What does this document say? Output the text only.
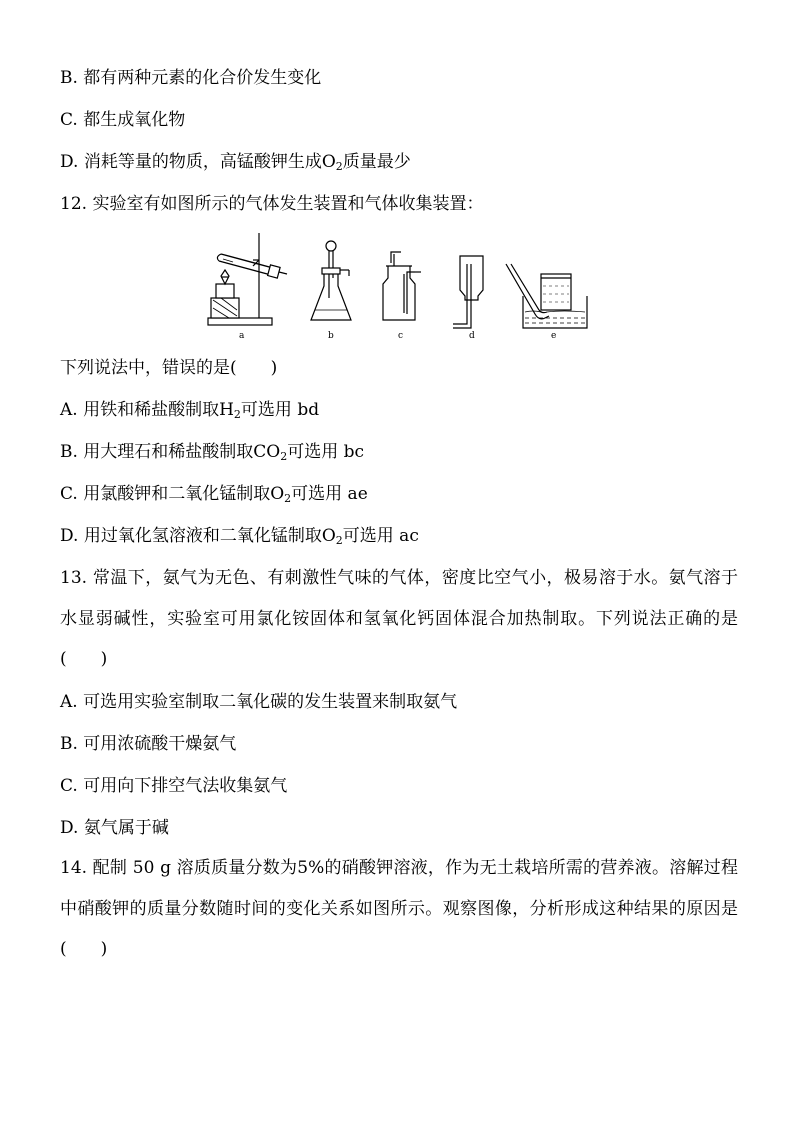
B. 都有两种元素的化合价发生变化
C. 都生成氧化物
D. 消耗等量的物质，高锰酸钾生成$O_2$质量最少
12. 实验室有如图所示的气体发生装置和气体收集装置：
a	b	c	d	e
下列说法中，错误的是(　　)
A. 用铁和稀盐酸制取$H_2$可选用 bd
B. 用大理石和稀盐酸制取$CO_2$可选用 bc
C. 用氯酸钾和二氧化锰制取$O_2$可选用 ae
D. 用过氧化氢溶液和二氧化锰制取$O_2$可选用 ac
13. 常温下，氨气为无色、有刺激性气味的气体，密度比空气小，极易溶于水。氨气溶于水显弱碱性，实验室可用氯化铵固体和氢氧化钙固体混合加热制取。下列说法正确的是(　　)
A. 可选用实验室制取二氧化碳的发生装置来制取氨气
B. 可用浓硫酸干燥氨气
C. 可用向下排空气法收集氨气
D. 氨气属于碱
14. 配制 50 g 溶质质量分数为5%的硝酸钾溶液，作为无土栽培所需的营养液。溶解过程中硝酸钾的质量分数随时间的变化关系如图所示。观察图像，分析形成这种结果的原因是(　　)
